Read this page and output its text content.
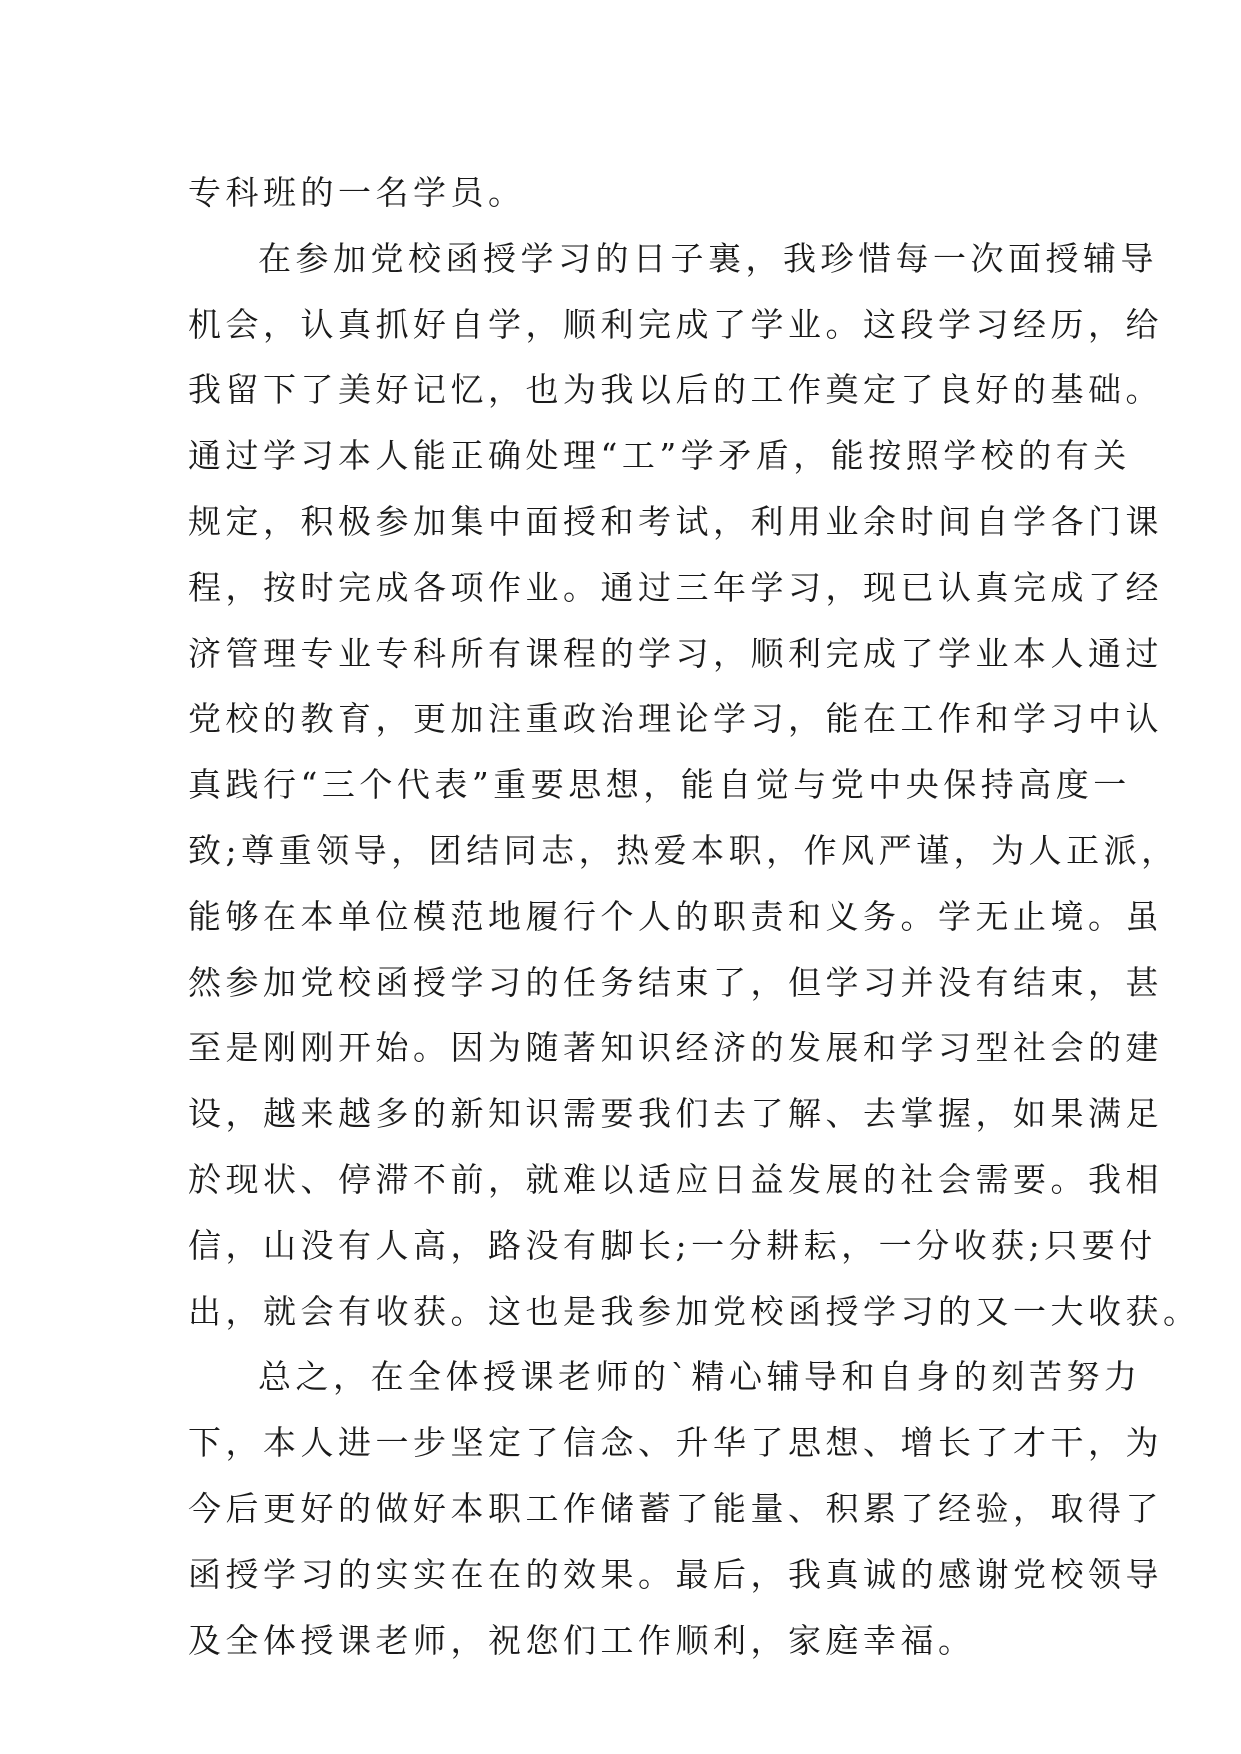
专科班的一名学员。
在参加党校函授学习的日子裏，我珍惜每一次面授辅导
机会，认真抓好自学，顺利完成了学业。这段学习经历，给
我留下了美好记忆，也为我以后的工作奠定了良好的基础。
通过学习本人能正确处理“工”学矛盾，能按照学校的有关
规定，积极参加集中面授和考试，利用业余时间自学各门课
程，按时完成各项作业。通过三年学习，现已认真完成了经
济管理专业专科所有课程的学习，顺利完成了学业本人通过
党校的教育，更加注重政治理论学习，能在工作和学习中认
真践行“三个代表”重要思想，能自觉与党中央保持高度一
致;尊重领导，团结同志，热爱本职，作风严谨，为人正派，
能够在本单位模范地履行个人的职责和义务。学无止境。虽
然参加党校函授学习的任务结束了，但学习并没有结束，甚
至是刚刚开始。因为随著知识经济的发展和学习型社会的建
设，越来越多的新知识需要我们去了解、去掌握，如果满足
於现状、停滞不前，就难以适应日益发展的社会需要。我相
信，山没有人高，路没有脚长;一分耕耘，一分收获;只要付
出，就会有收获。这也是我参加党校函授学习的又一大收获。
总之，在全体授课老师的`精心辅导和自身的刻苦努力
下，本人进一步坚定了信念、升华了思想、增长了才干，为
今后更好的做好本职工作储蓄了能量、积累了经验，取得了
函授学习的实实在在的效果。最后，我真诚的感谢党校领导
及全体授课老师，祝您们工作顺利，家庭幸福。
